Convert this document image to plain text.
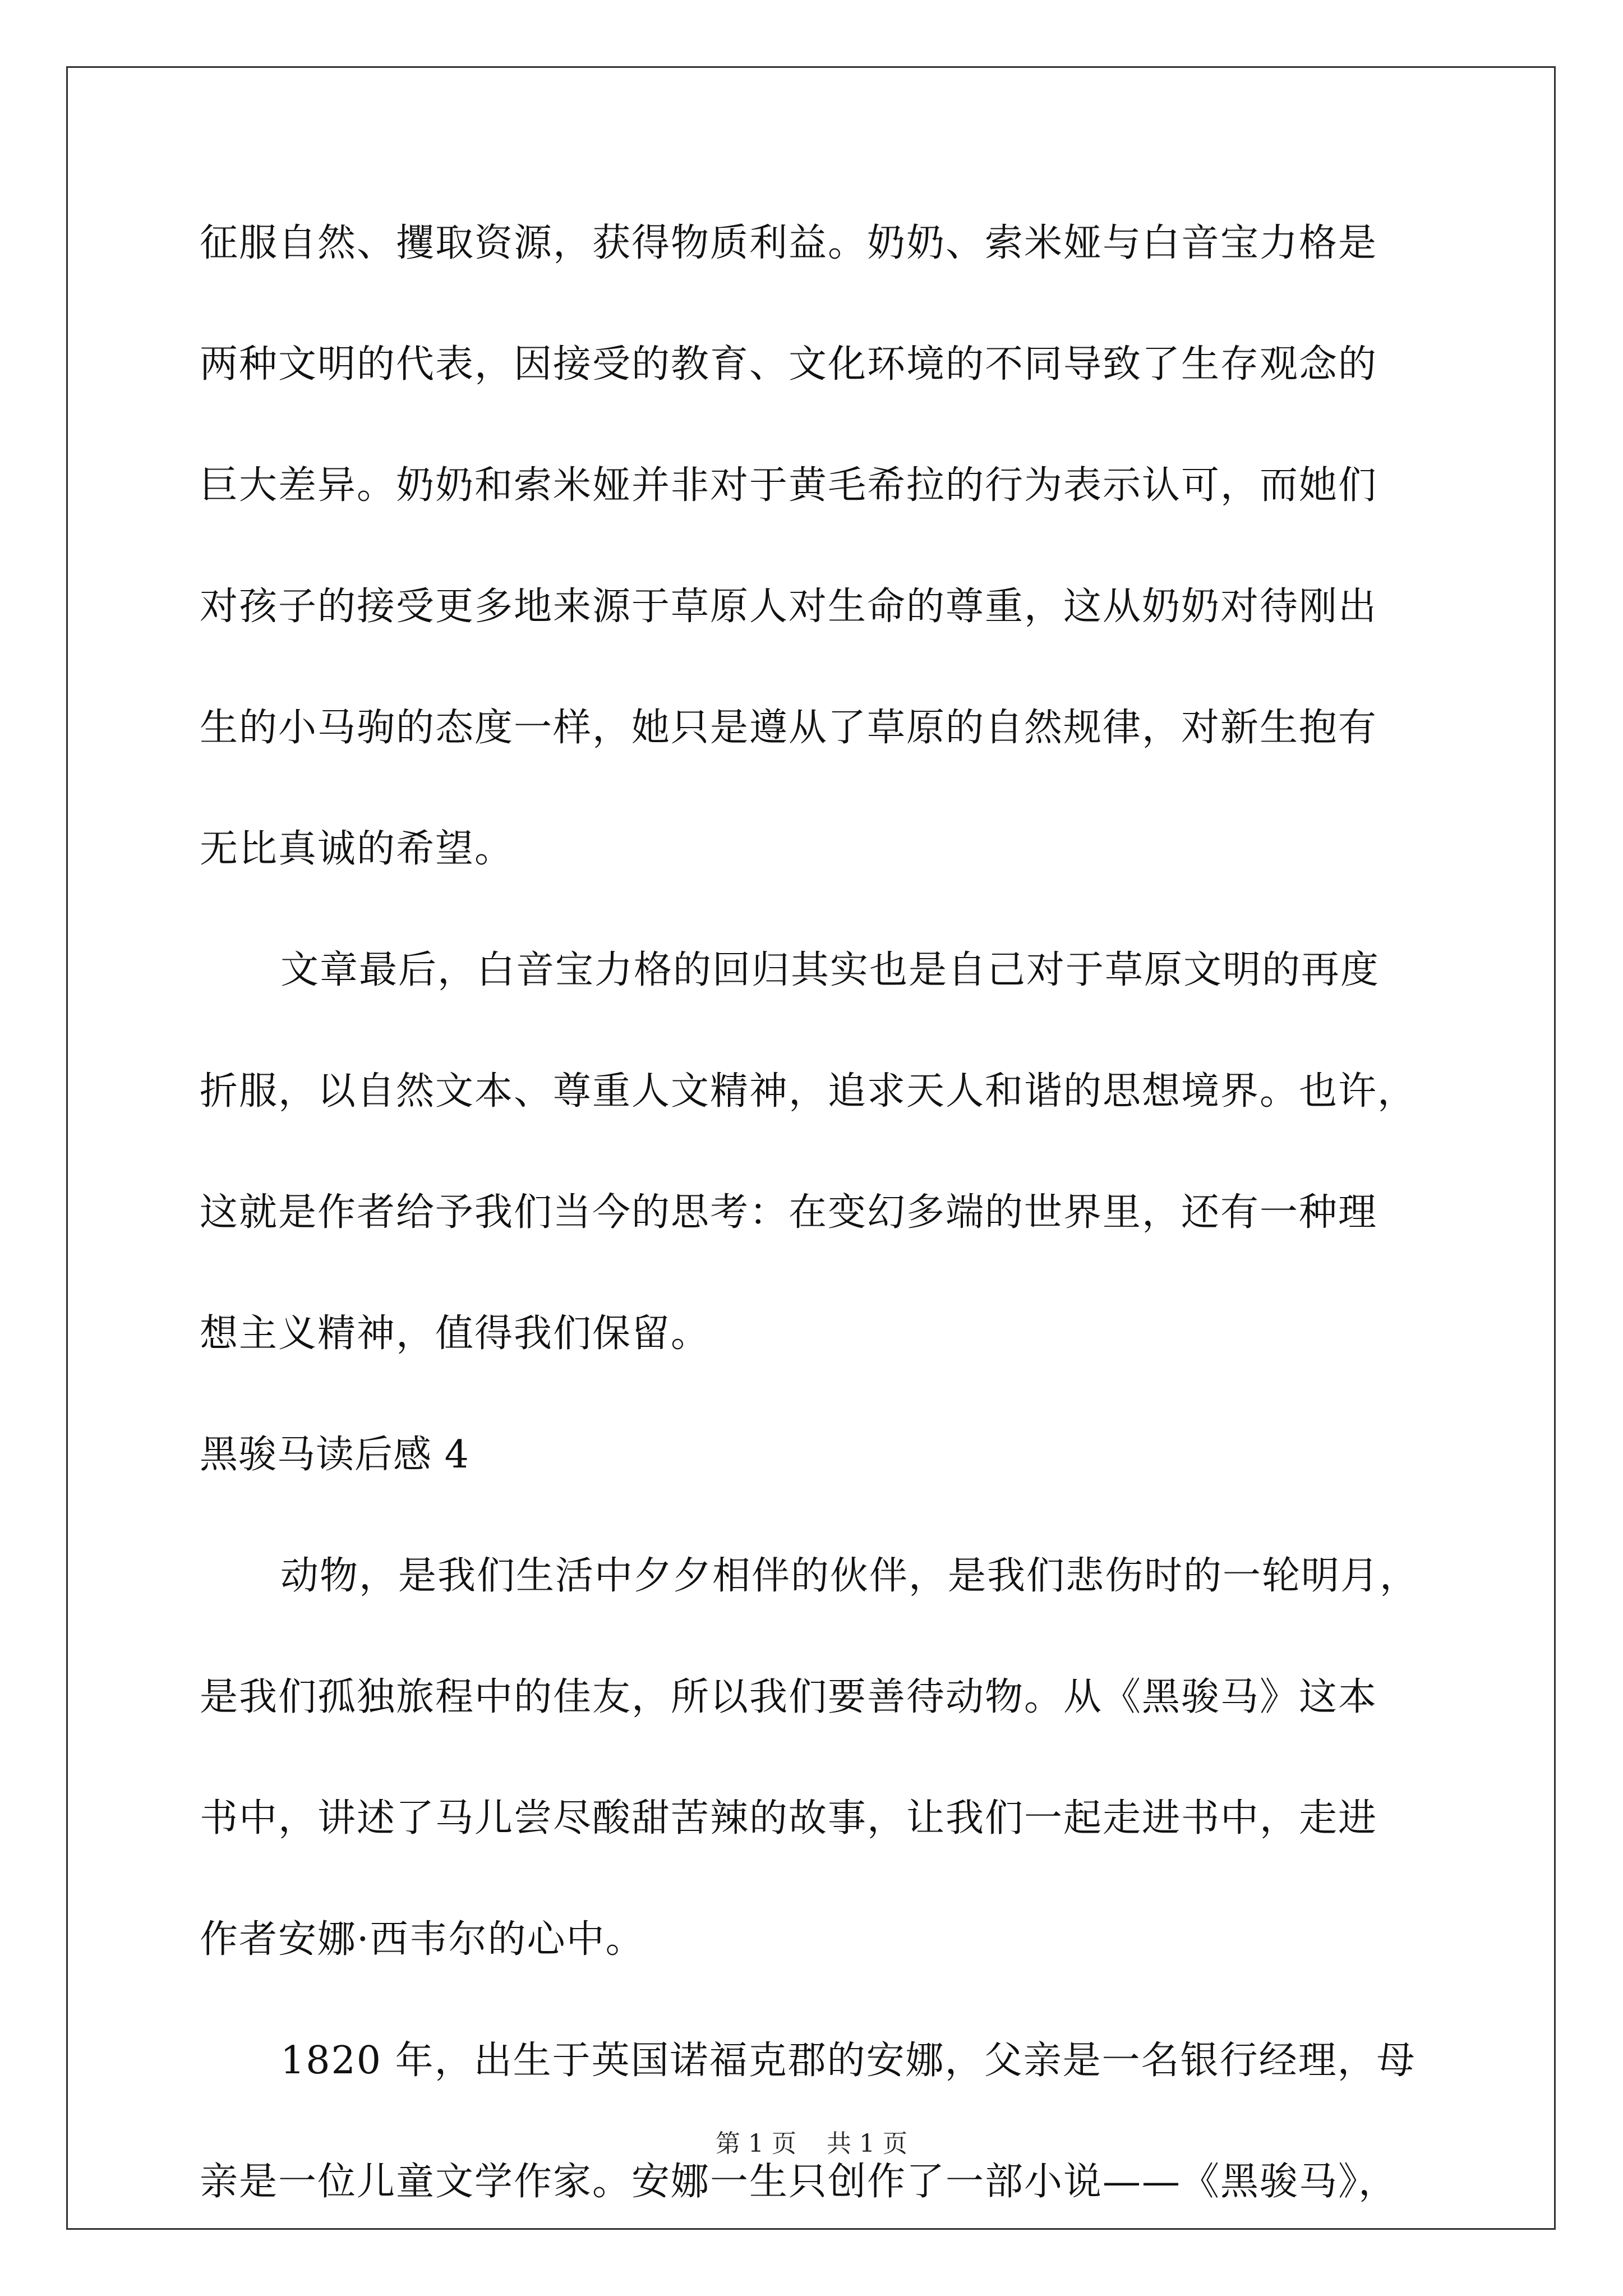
征服自然、攫取资源，获得物质利益。奶奶、索米娅与白音宝力格是
两种文明的代表，因接受的教育、文化环境的不同导致了生存观念的
巨大差异。奶奶和索米娅并非对于黄毛希拉的行为表示认可，而她们
对孩子的接受更多地来源于草原人对生命的尊重，这从奶奶对待刚出
生的小马驹的态度一样，她只是遵从了草原的自然规律，对新生抱有
无比真诚的希望。
文章最后，白音宝力格的回归其实也是自己对于草原文明的再度
折服，以自然文本、尊重人文精神，追求天人和谐的思想境界。也许，
这就是作者给予我们当今的思考：在变幻多端的世界里，还有一种理
想主义精神，值得我们保留。
黑骏马读后感 4
动物，是我们生活中夕夕相伴的伙伴，是我们悲伤时的一轮明月，
是我们孤独旅程中的佳友，所以我们要善待动物。从《黑骏马》这本
书中，讲述了马儿尝尽酸甜苦辣的故事，让我们一起走进书中，走进
作者安娜·西韦尔的心中。
1820 年，出生于英国诺福克郡的安娜，父亲是一名银行经理，母
亲是一位儿童文学作家。安娜一生只创作了一部小说——《黑骏马》，
第 1 页 共 1 页
